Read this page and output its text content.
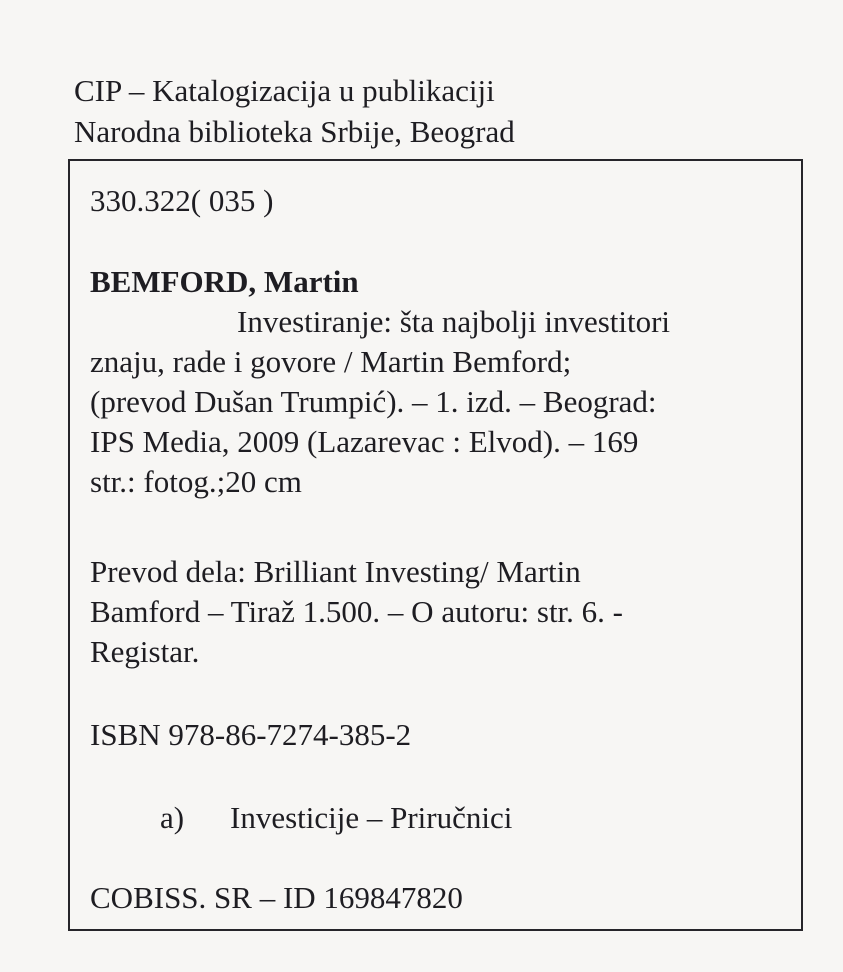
CIP – Katalogizacija u publikaciji
Narodna biblioteka Srbije, Beograd
330.322( 035 )
BEMFORD, Martin
Investiranje: šta najbolji investitori
znaju, rade i govore / Martin Bemford;
(prevod Dušan Trumpić). – 1. izd. – Beograd:
IPS Media, 2009 (Lazarevac : Elvod). – 169
str.: fotog.;20 cm
Prevod dela: Brilliant Investing/ Martin
Bamford – Tiraž 1.500. – O autoru: str. 6. -
Registar.
ISBN 978-86-7274-385-2
a) Investicije – Priručnici
COBISS. SR – ID 169847820
